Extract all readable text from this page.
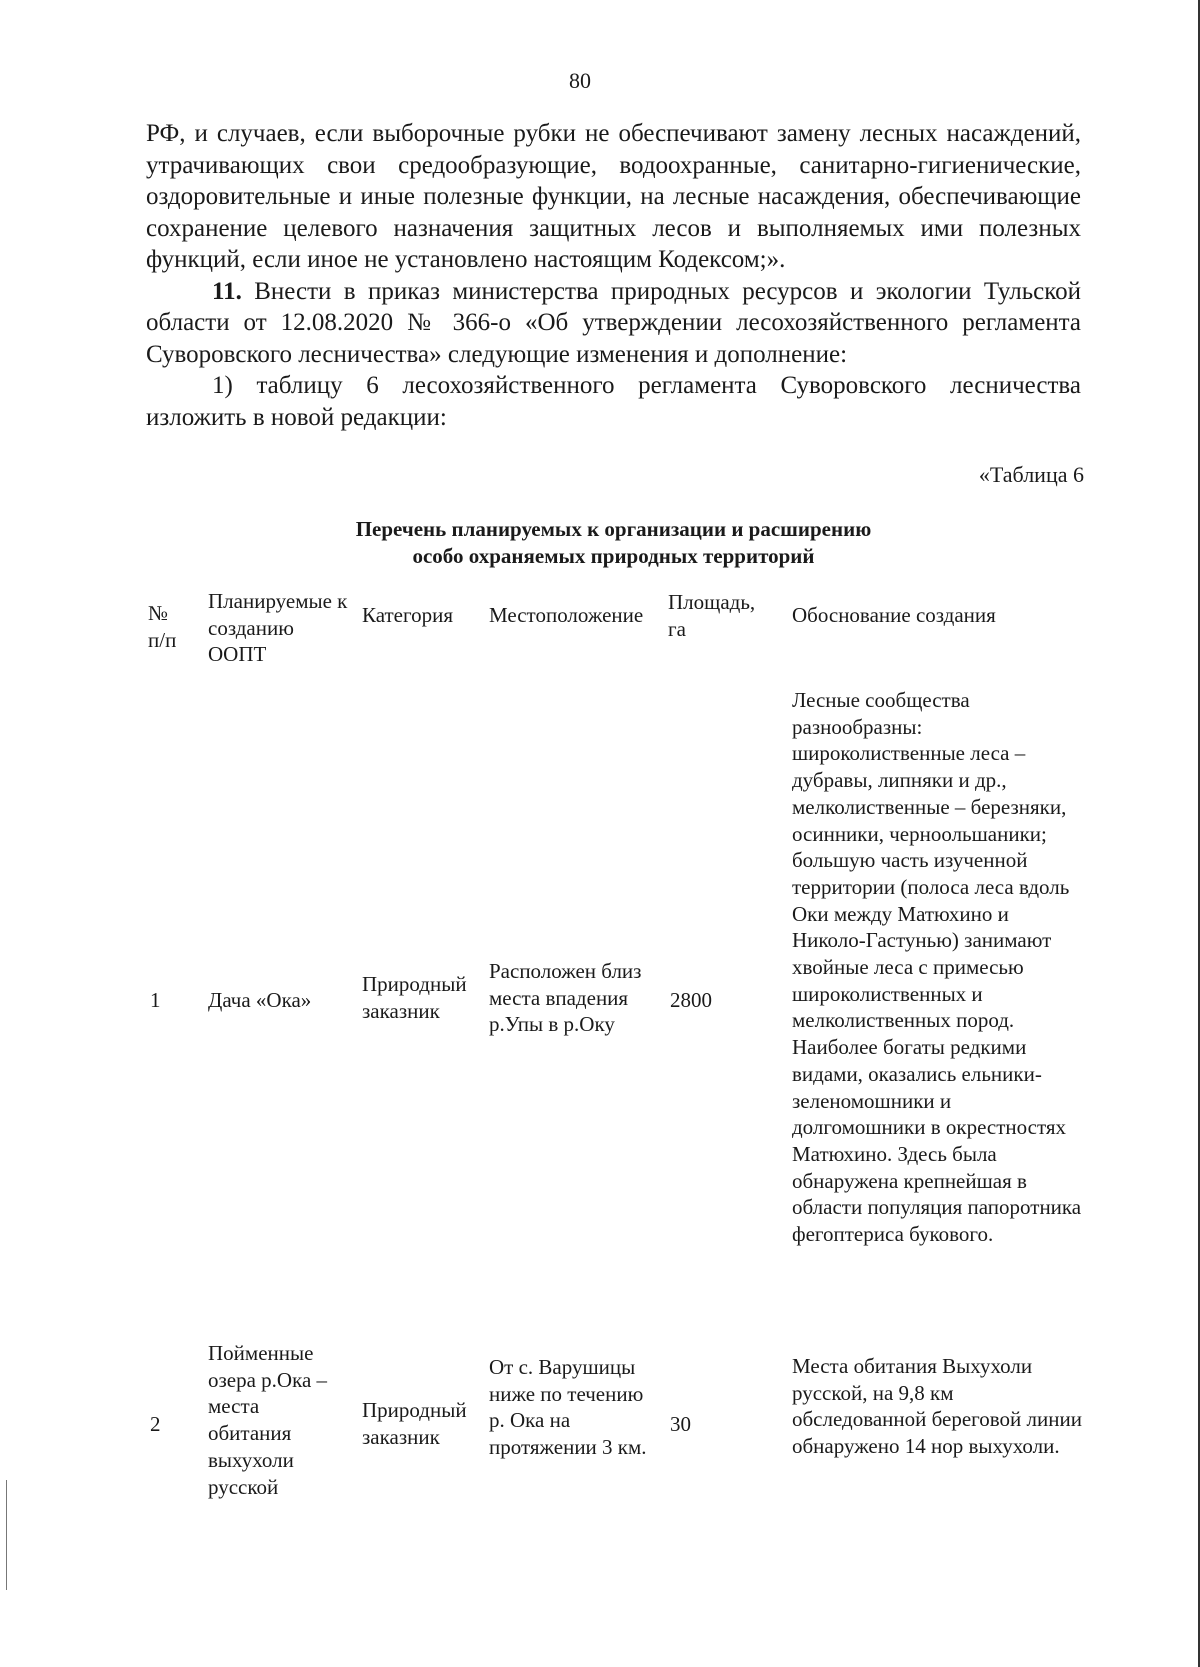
80

РФ, и случаев, если выборочные рубки не обеспечивают замену лесных насаждений, утрачивающих свои средообразующие, водоохранные, санитарно-гигиенические, оздоровительные и иные полезные функции, на лесные насаждения, обеспечивающие сохранение целевого назначения защитных лесов и выполняемых ими полезных функций, если иное не установлено настоящим Кодексом;».

11. Внести в приказ министерства природных ресурсов и экологии Тульской области от 12.08.2020 № 366-о «Об утверждении лесохозяйственного регламента Суворовского лесничества» следующие изменения и дополнение:

1) таблицу 6 лесохозяйственного регламента Суворовского лесничества изложить в новой редакции:

«Таблица 6
Перечень планируемых к организации и расширению
особо охраняемых природных территорий
№ п/п
Планируемые к созданию ООПТ
Категория	Местоположение
Площадь, га
Обоснование создания
1	Дача «Ока»
Природный заказник
Расположен близ места впадения р.Упы в р.Оку
2800
Лесные сообщества разнообразны: широколиственные леса – дубравы, липняки и др., мелколиственные – березняки, осинники, черноольшаники; большую часть изученной территории (полоса леса вдоль Оки между Матюхино и Николо-Гастунью) занимают хвойные леса с примесью широколиственных и мелколиственных пород. Наиболее богаты редкими видами, оказались ельники-зеленомошники и долгомошники в окрестностях Матюхино. Здесь была обнаружена крепнейшая в области популяция папоротника фегоптериса букового.
2
Пойменные озера р.Ока – места обитания выхухоли русской
Природный заказник
От с. Варушицы ниже по течению р. Ока на протяжении 3 км.
30
Места обитания Выхухоли русской, на 9,8 км обследованной береговой линии обнаружено 14 нор выхухоли.
